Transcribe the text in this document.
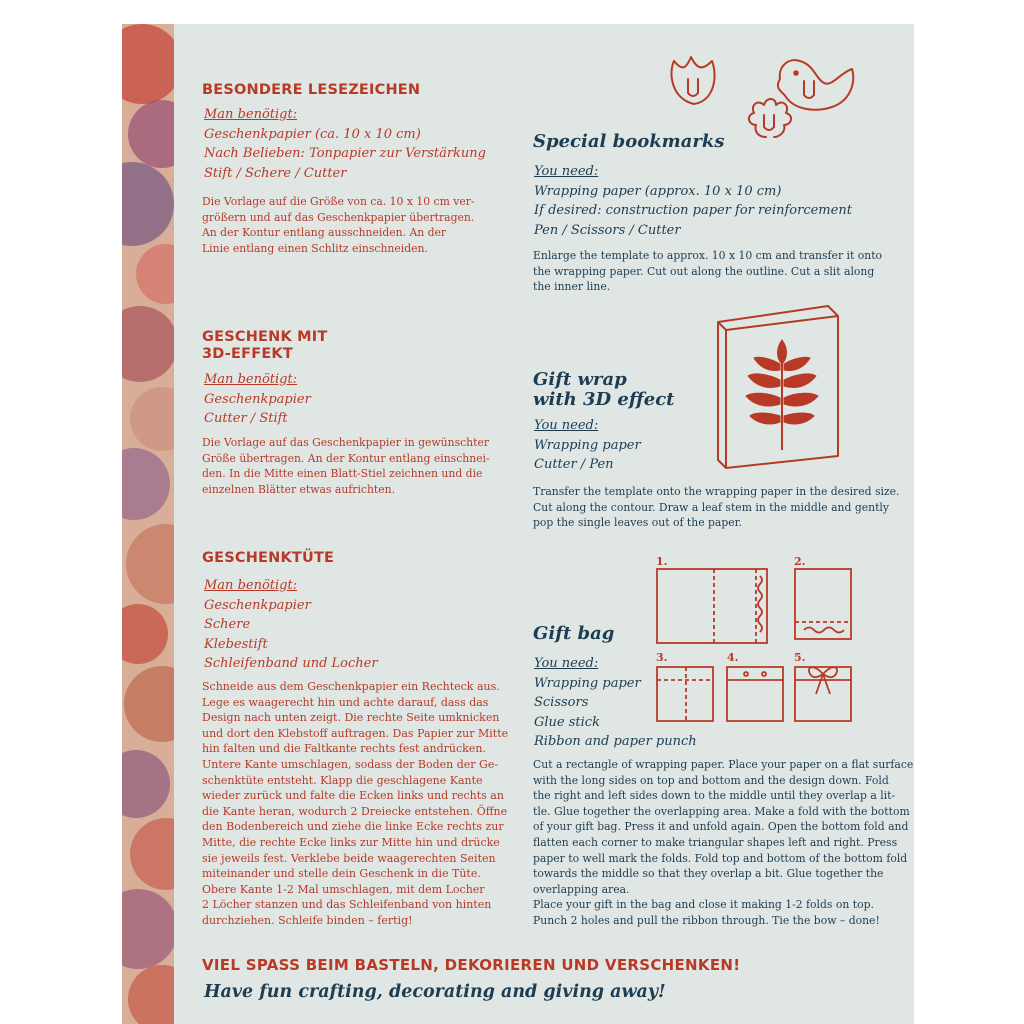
BESONDERE LESEZEICHEN
Man benötigt:
Geschenkpapier (ca. 10 x 10 cm)
Nach Belieben: Tonpapier zur Verstärkung
Stift / Schere / Cutter

Die Vorlage auf die Größe von ca. 10 x 10 cm ver-

größern und auf das Geschenkpapier übertragen.

An der Kontur entlang ausschneiden. An der

Linie entlang einen Schlitz einschneiden.

GESCHENK MIT
3D-EFFEKT
Man benötigt:
Geschenkpapier
Cutter / Stift

Die Vorlage auf das Geschenkpapier in gewünschter

Größe übertragen. An der Kontur entlang einschnei-

den. In die Mitte einen Blatt-Stiel zeichnen und die

einzelnen Blätter etwas aufrichten.

GESCHENKTÜTE
Man benötigt:
Geschenkpapier
Schere
Klebestift
Schleifenband und Locher

Schneide aus dem Geschenkpapier ein Rechteck aus.

Lege es waagerecht hin und achte darauf, dass das

Design nach unten zeigt. Die rechte Seite umknicken

und dort den Klebstoff auftragen. Das Papier zur Mitte

hin falten und die Faltkante rechts fest andrücken.

Untere Kante umschlagen, sodass der Boden der Ge-

schenktüte entsteht. Klapp die geschlagene Kante

wieder zurück und falte die Ecken links und rechts an

die Kante heran, wodurch 2 Dreiecke entstehen. Öffne

den Bodenbereich und ziehe die linke Ecke rechts zur

Mitte, die rechte Ecke links zur Mitte hin und drücke

sie jeweils fest. Verklebe beide waagerechten Seiten

miteinander und stelle dein Geschenk in die Tüte.

Obere Kante 1-2 Mal umschlagen, mit dem Locher

2 Löcher stanzen und das Schleifenband von hinten

durchziehen. Schleife binden – fertig!

Special bookmarks
You need:
Wrapping paper (approx. 10 x 10 cm)
If desired: construction paper for reinforcement
Pen / Scissors / Cutter

Enlarge the template to approx. 10 x 10 cm and transfer it onto

the wrapping paper. Cut out along the outline. Cut a slit along

the inner line.

Gift wrap
with 3D effect
You need:
Wrapping paper
Cutter / Pen

Transfer the template onto the wrapping paper in the desired size.

Cut along the contour. Draw a leaf stem in the middle and gently

pop the single leaves out of the paper.

1.	2.
3.	4.	5.
Gift bag
You need:
Wrapping paper
Scissors
Glue stick
Ribbon and paper punch

Cut a rectangle of wrapping paper. Place your paper on a flat surface

with the long sides on top and bottom and the design down. Fold

the right and left sides down to the middle until they overlap a lit-

tle. Glue together the overlapping area. Make a fold with the bottom

of your gift bag. Press it and unfold again. Open the bottom fold and

flatten each corner to make triangular shapes left and right. Press

paper to well mark the folds. Fold top and bottom of the bottom fold

towards the middle so that they overlap a bit. Glue together the

overlapping area.

Place your gift in the bag and close it making 1-2 folds on top.

Punch 2 holes and pull the ribbon through. Tie the bow – done!

VIEL SPASS BEIM BASTELN, DEKORIEREN UND VERSCHENKEN!
Have fun crafting, decorating and giving away!
